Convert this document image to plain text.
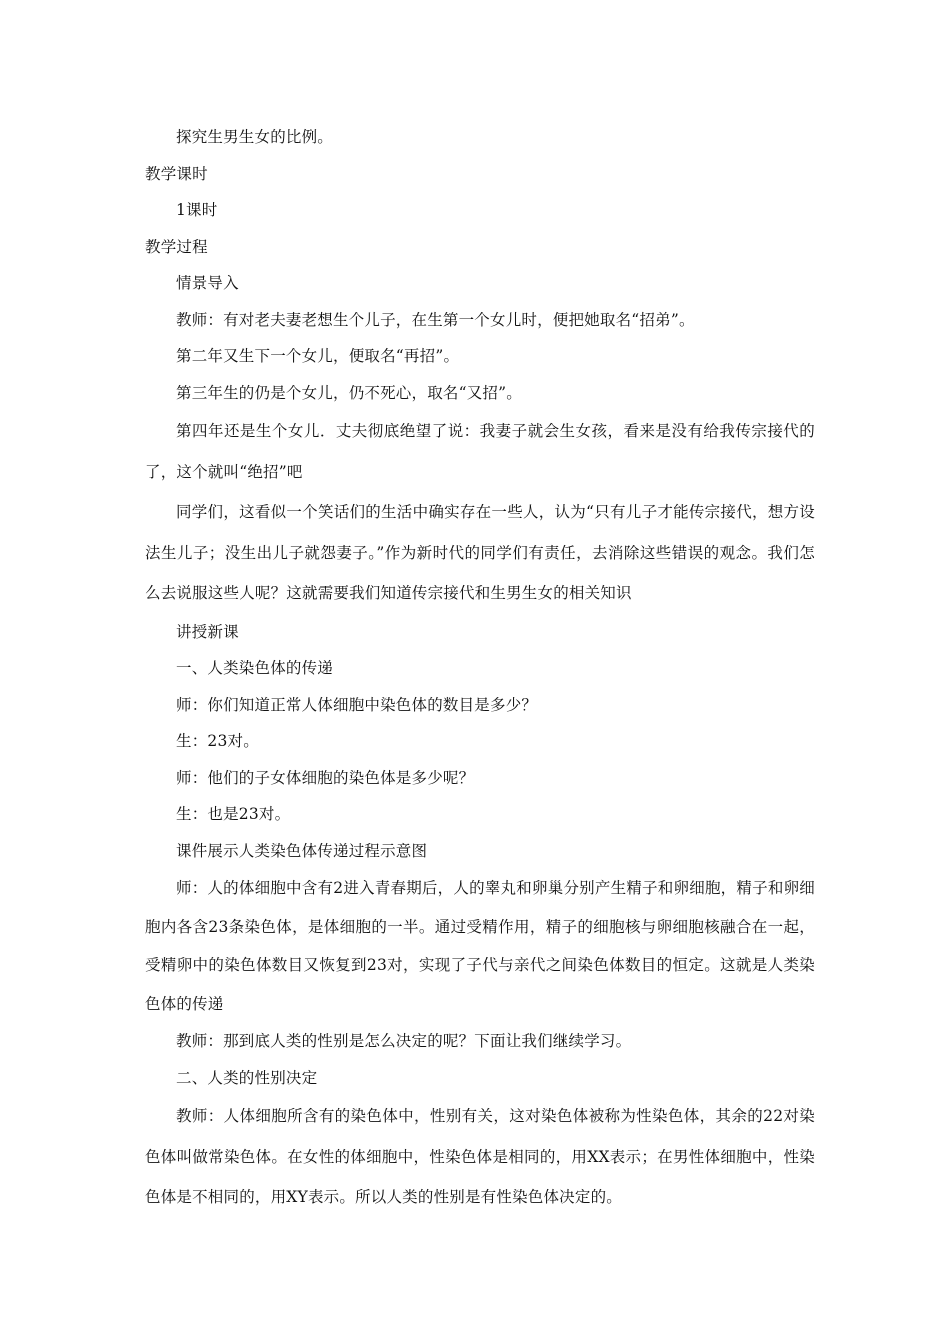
探究生男生女的比例。
教学课时
1课时
教学过程
情景导入
教师：有对老夫妻老想生个儿子，在生第一个女儿时，便把她取名“招弟”。
第二年又生下一个女儿，便取名“再招”。
第三年生的仍是个女儿，仍不死心，取名“又招”。
第四年还是生个女儿．丈夫彻底绝望了说：我妻子就会生女孩，看来是没有给我传宗接代的了，这个就叫“绝招”吧
同学们，这看似一个笑话们的生活中确实存在一些人，认为“只有儿子才能传宗接代，想方设法生儿子；没生出儿子就怨妻子。”作为新时代的同学们有责任，去消除这些错误的观念。我们怎么去说服这些人呢？这就需要我们知道传宗接代和生男生女的相关知识
讲授新课
一、人类染色体的传递
师：你们知道正常人体细胞中染色体的数目是多少？
生：23对。
师：他们的子女体细胞的染色体是多少呢？
生：也是23对。
课件展示人类染色体传递过程示意图
师：人的体细胞中含有2进入青春期后，人的睾丸和卵巢分别产生精子和卵细胞，精子和卵细胞内各含23条染色体，是体细胞的一半。通过受精作用，精子的细胞核与卵细胞核融合在一起，受精卵中的染色体数目又恢复到23对，实现了子代与亲代之间染色体数目的恒定。这就是人类染色体的传递
教师：那到底人类的性别是怎么决定的呢？下面让我们继续学习。
二、人类的性别决定
教师：人体细胞所含有的染色体中，性别有关，这对染色体被称为性染色体，其余的22对染色体叫做常染色体。在女性的体细胞中，性染色体是相同的，用XX表示；在男性体细胞中，性染色体是不相同的，用XY表示。所以人类的性别是有性染色体决定的。
